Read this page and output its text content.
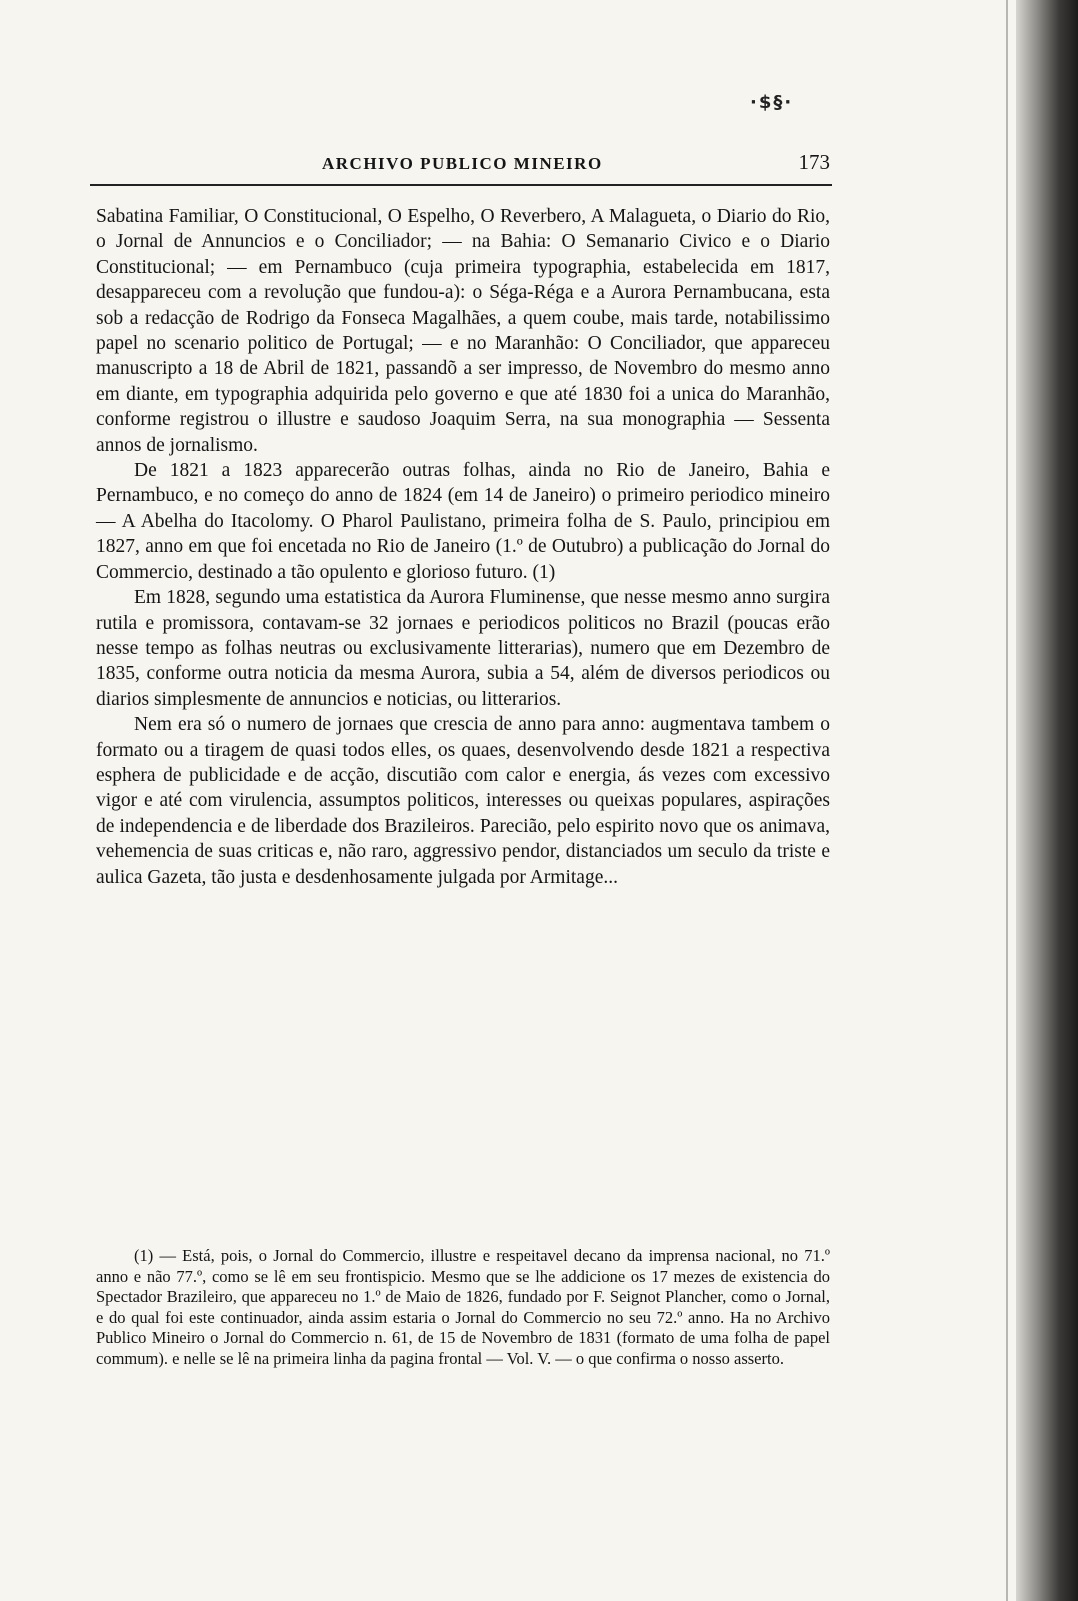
·$§·
ARCHIVO PUBLICO MINEIRO	173

Sabatina Familiar, O Constitucional, O Espelho, O Reverbero, A Malagueta, o Diario do Rio, o Jornal de Annuncios e o Conciliador; — na Bahia: O Semanario Civico e o Diario Constitucional; — em Pernambuco (cuja primeira typographia, estabelecida em 1817, desappareceu com a revolução que fundou-a): o Séga-Réga e a Aurora Pernambucana, esta sob a redacção de Rodrigo da Fonseca Magalhães, a quem coube, mais tarde, notabilissimo papel no scenario politico de Portugal; — e no Maranhão: O Conciliador, que appareceu manuscripto a 18 de Abril de 1821, passandõ a ser impresso, de Novembro do mesmo anno em diante, em typographia adquirida pelo governo e que até 1830 foi a unica do Maranhão, conforme registrou o illustre e saudoso Joaquim Serra, na sua monographia — Sessenta annos de jornalismo.

De 1821 a 1823 apparecerão outras folhas, ainda no Rio de Janeiro, Bahia e Pernambuco, e no começo do anno de 1824 (em 14 de Janeiro) o primeiro periodico mineiro — A Abelha do Itacolomy. O Pharol Paulistano, primeira folha de S. Paulo, principiou em 1827, anno em que foi encetada no Rio de Janeiro (1.º de Outubro) a publicação do Jornal do Commercio, destinado a tão opulento e glorioso futuro. (1)

Em 1828, segundo uma estatistica da Aurora Fluminense, que nesse mesmo anno surgira rutila e promissora, contavam-se 32 jornaes e periodicos politicos no Brazil (poucas erão nesse tempo as folhas neutras ou exclusivamente litterarias), numero que em Dezembro de 1835, conforme outra noticia da mesma Aurora, subia a 54, além de diversos periodicos ou diarios simplesmente de annuncios e noticias, ou litterarios.

Nem era só o numero de jornaes que crescia de anno para anno: augmentava tambem o formato ou a tiragem de quasi todos elles, os quaes, desenvolvendo desde 1821 a respectiva esphera de publicidade e de acção, discutião com calor e energia, ás vezes com excessivo vigor e até com virulencia, assumptos politicos, interesses ou queixas populares, aspirações de independencia e de liberdade dos Brazileiros. Parecião, pelo espirito novo que os animava, vehemencia de suas criticas e, não raro, aggressivo pendor, distanciados um seculo da triste e aulica Gazeta, tão justa e desdenhosamente julgada por Armitage...

(1) — Está, pois, o Jornal do Commercio, illustre e respeitavel decano da imprensa nacional, no 71.º anno e não 77.º, como se lê em seu frontispicio. Mesmo que se lhe addicione os 17 mezes de existencia do Spectador Brazileiro, que appareceu no 1.º de Maio de 1826, fundado por F. Seignot Plancher, como o Jornal, e do qual foi este continuador, ainda assim estaria o Jornal do Commercio no seu 72.º anno. Ha no Archivo Publico Mineiro o Jornal do Commercio n. 61, de 15 de Novembro de 1831 (formato de uma folha de papel commum). e nelle se lê na primeira linha da pagina frontal — Vol. V. — o que confirma o nosso asserto.
